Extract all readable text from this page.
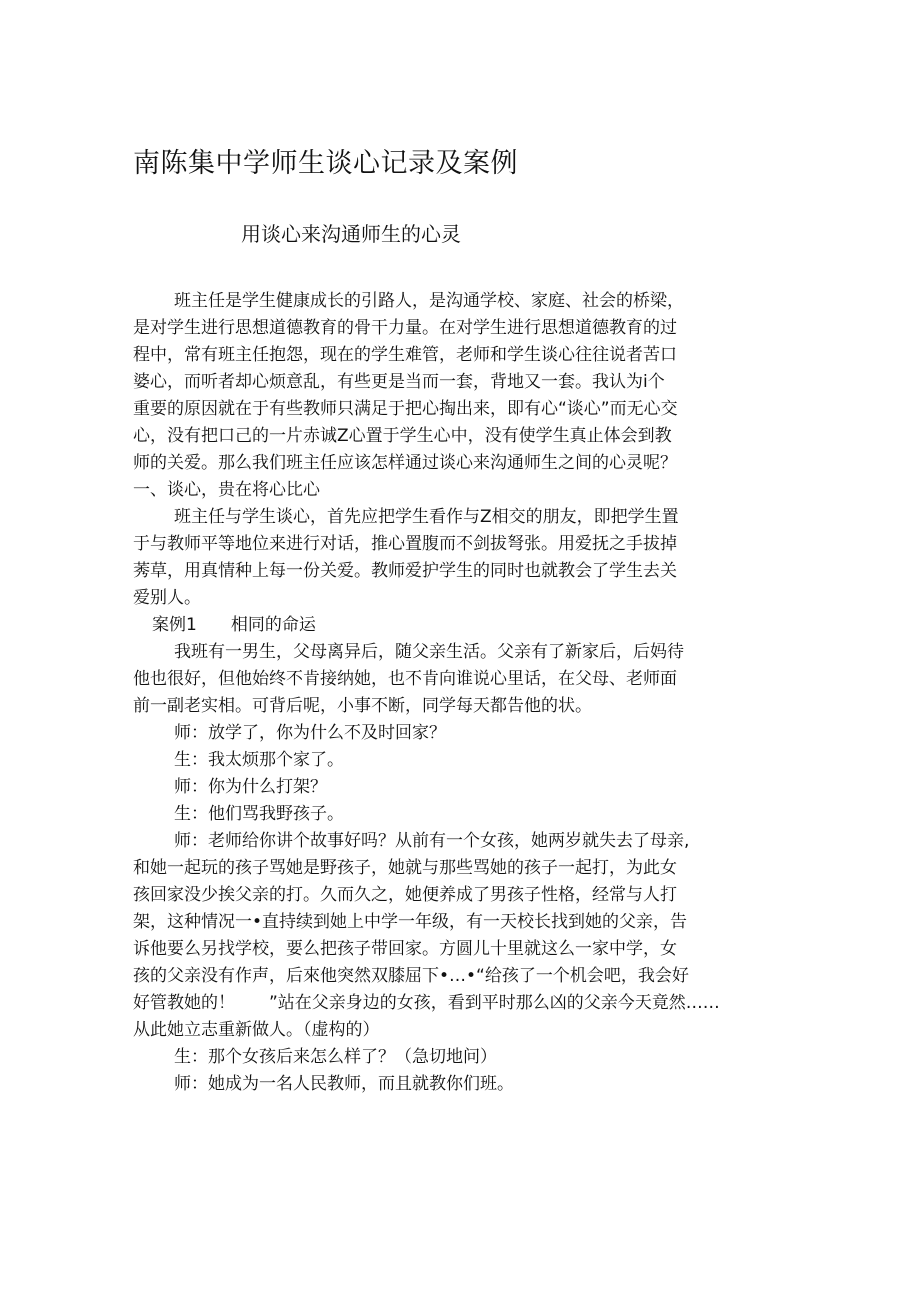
南陈集中学师生谈心记录及案例
用谈心来沟通师生的心灵
班主任是学生健康成长的引路人，是沟通学校、家庭、社会的桥梁，
是对学生进行思想道德教育的骨干力量。在对学生进行思想道德教育的过
程中，常有班主任抱怨，现在的学生难管，老师和学生谈心往往说者苦口
婆心，而听者却心烦意乱，有些更是当而一套，背地又一套。我认为i个
重要的原因就在于有些教师只满足于把心掏出来，即有心“谈心”而无心交
心，没有把口己的一片赤诚Z心置于学生心中，没有使学生真止体会到教
师的关爱。那么我们班主任应该怎样通过谈心来沟通师生之间的心灵呢？
一、谈心，贵在将心比心
班主任与学生谈心，首先应把学生看作与Z相交的朋友，即把学生置
于与教师平等地位来进行对话，推心置腹而不剑拔弩张。用爱抚之手拔掉
莠草，用真情种上每一份关爱。教师爱护学生的同时也就教会了学生去关
爱别人。
案例1　　相同的命运
我班有一男生，父母离异后，随父亲生活。父亲有了新家后，后妈待
他也很好，但他始终不肯接纳她，也不肯向谁说心里话，在父母、老师面
前一副老实相。可背后呢，小事不断，同学每天都告他的状。
师：放学了，你为什么不及时回家？
生：我太烦那个家了。
师：你为什么打架？
生：他们骂我野孩子。
师：老师给你讲个故事好吗？从前有一个女孩，她两岁就失去了母亲,
和她一起玩的孩子骂她是野孩子，她就与那些骂她的孩子一起打，为此女
孩回家没少挨父亲的打。久而久之，她便养成了男孩子性格，经常与人打
架，这种情况一•直持续到她上中学一年级，有一天校长找到她的父亲，告
诉他要么另找学校，要么把孩子带回家。方圆儿十里就这么一家中学，女
孩的父亲没有作声，后來他突然双膝屈下•…•“给孩了一个机会吧，我会好
好管教她的！　　”站在父亲身边的女孩，看到平时那么凶的父亲今天竟然……
从此她立志重新做人。（虚构的）
生：那个女孩后来怎么样了？（急切地问）
师：她成为一名人民教师，而且就教你们班。
